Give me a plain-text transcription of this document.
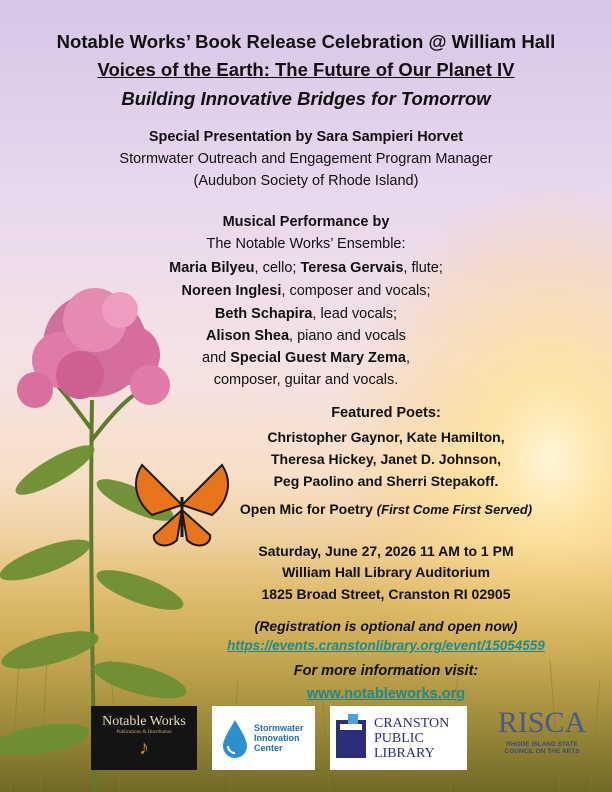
Notable Works’ Book Release Celebration @ William Hall
Voices of the Earth: The Future of Our Planet IV
Building Innovative Bridges for Tomorrow
Special Presentation by Sara Sampieri Horvet
Stormwater Outreach and Engagement Program Manager
(Audubon Society of Rhode Island)
Musical Performance by
The Notable Works’ Ensemble:
Maria Bilyeu, cello; Teresa Gervais, flute;
Noreen Inglesi, composer and vocals;
Beth Schapira, lead vocals;
Alison Shea, piano and vocals
and Special Guest Mary Zema,
composer, guitar and vocals.
Featured Poets:
Christopher Gaynor, Kate Hamilton,
Theresa Hickey, Janet D. Johnson,
Peg Paolino and Sherri Stepakoff.
Open Mic for Poetry (First Come First Served)
Saturday, June 27, 2026 11 AM to 1 PM
William Hall Library Auditorium
1825 Broad Street, Cranston RI 02905
(Registration is optional and open now)
https://events.cranstonlibrary.org/event/15054559
For more information visit:
www.notableworks.org
Notable Works
Publications & Distribution
♪
Stormwater
Innovation
Center
CRANSTON
PUBLIC
LIBRARY
RISCA
RHODE ISLAND STATE
COUNCIL ON THE ARTS
